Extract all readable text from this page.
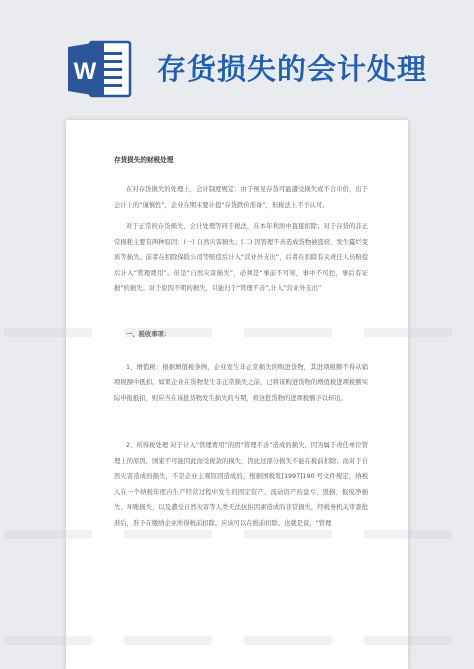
W 存货损失的会计处理

存货损失的财税处理

在对存货损失的处理上，会计制度规定：由于预见存货可能遭受损失或不合市价，出于会计上的“谨慎性”，企业在期末要计提“存货跌价准备”，但税法上不予认可。

对于正常的存货损失，会计处理等同于税法，在本年利润中直接扣除；对于存货的非正常损耗主要有两种原因：(一) 自然灾害损失；(二) 因管理不善造成货物被盗窃、发生霉烂变质等损失。前者在扣除保险公司等赔偿后计入“营业外支出”，后者在扣除有关责任人员赔偿后计入“管理费用”。但是“自然灾害损失”，必须是“事前不可知，事中不可控，事后有证据”的损失。对于原因不明的损失，只能归于“管理不善”,计入“营业外支出”

一、税收事项：

1、增值税：根据增值税条例，企业发生非正常损失的购进货物，其进项税额不得从销项税额中抵扣。如果企业在货物发生非正常损失之前，已将该购进货物的增值税进项税额实际申报抵扣，则应当在该批货物发生损失的当期，将这批货物的进项税额予以转出。

2、所得税处理 对于计入“管理费用”的因“管理不善”造成的损失，因为属于责任单位管理上的原因，国家不可能因此而受税款的损失，因此这部分损失不能在税前扣除；而对于自然灾害造成的损失，不是企业主观原因造成的，根据国税发[1997]190 号文件规定，纳税人在一个纳税年度内生产经营过程中发生的固定资产、流动资产的盘亏、毁损、报废净损失、坏账损失，以及遭受自然灾害等人类无法抗拒因素造成的非常损失，经税务机关审查批准后，准予在缴纳企业所得税前扣除。应该可以在税前扣除。也就是说，“管理
